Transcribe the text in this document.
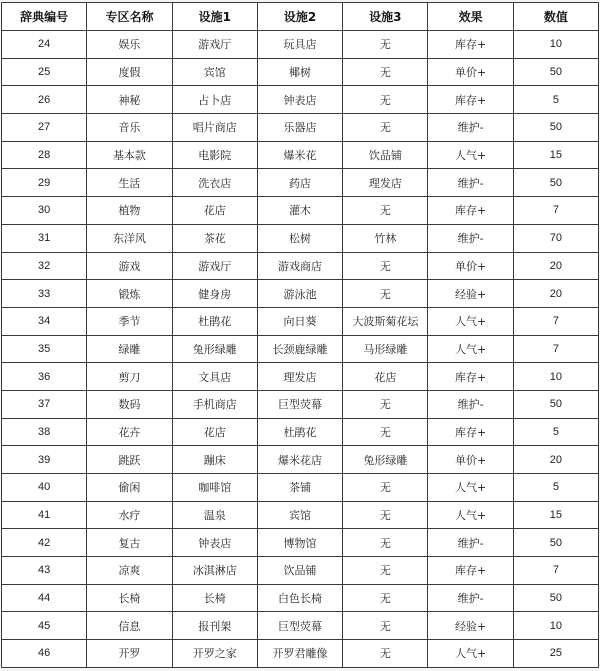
辞典编号	专区名称	设施1	设施2	设施3	效果	数值
24	娱乐	游戏厅	玩具店	无	库存+	10
25	度假	宾馆	椰树	无	单价+	50
26	神秘	占卜店	钟表店	无	库存+	5
27	音乐	唱片商店	乐器店	无	维护-	50
28	基本款	电影院	爆米花	饮品铺	人气+	15
29	生活	洗衣店	药店	理发店	维护-	50
30	植物	花店	灌木	无	库存+	7
31	东洋风	茶花	松树	竹林	维护-	70
32	游戏	游戏厅	游戏商店	无	单价+	20
33	锻炼	健身房	游泳池	无	经验+	20
34	季节	杜鹃花	向日葵	大波斯菊花坛	人气+	7
35	绿雕	兔形绿雕	长颈鹿绿雕	马形绿雕	人气+	7
36	剪刀	文具店	理发店	花店	库存+	10
37	数码	手机商店	巨型荧幕	无	维护-	50
38	花卉	花店	杜鹃花	无	库存+	5
39	跳跃	蹦床	爆米花店	兔形绿雕	单价+	20
40	偷闲	咖啡馆	茶铺	无	人气+	5
41	水疗	温泉	宾馆	无	人气+	15
42	复古	钟表店	博物馆	无	维护-	50
43	凉爽	冰淇淋店	饮品铺	无	库存+	7
44	长椅	长椅	白色长椅	无	维护-	50
45	信息	报刊架	巨型荧幕	无	经验+	10
46	开罗	开罗之家	开罗君雕像	无	人气+	25
